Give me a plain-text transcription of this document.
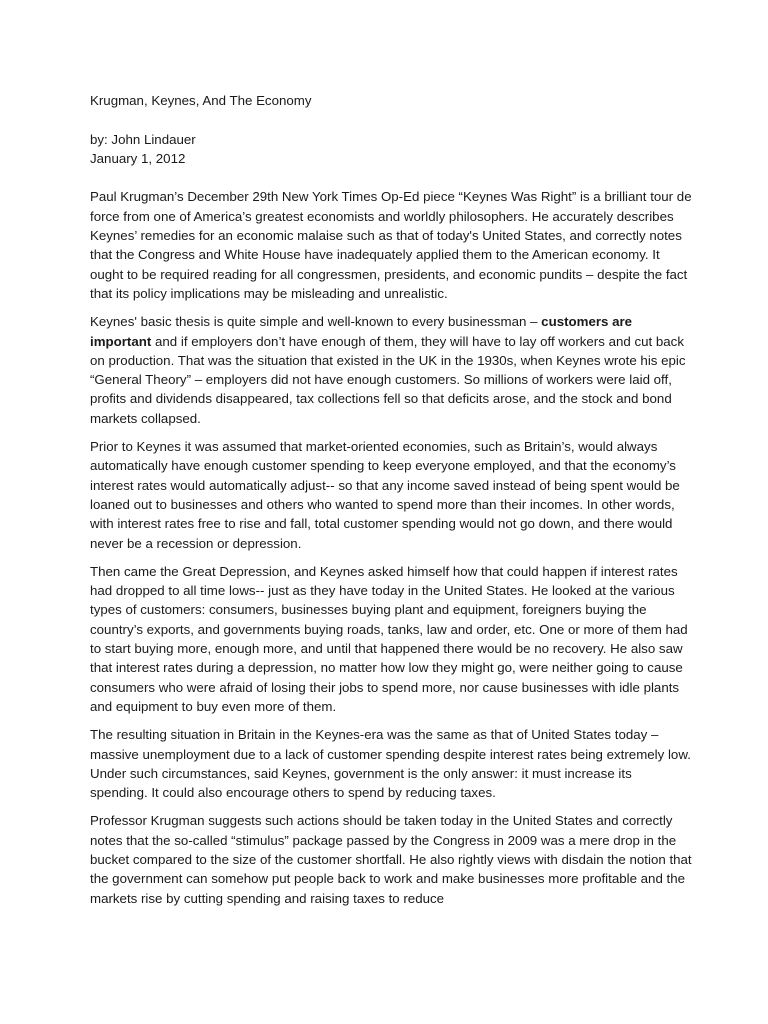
Krugman, Keynes, And The Economy

by: John Lindauer
January 1, 2012

Paul Krugman’s December 29th New York Times Op-Ed piece “Keynes Was Right” is a brilliant tour de force from one of America’s greatest economists and worldly philosophers. He accurately describes Keynes’ remedies for an economic malaise such as that of today's United States, and correctly notes that the Congress and White House have inadequately applied them to the American economy. It ought to be required reading for all congressmen, presidents, and economic pundits – despite the fact that its policy implications may be misleading and unrealistic.

Keynes' basic thesis is quite simple and well-known to every businessman – customers are important and if employers don’t have enough of them, they will have to lay off workers and cut back on production. That was the situation that existed in the UK in the 1930s, when Keynes wrote his epic “General Theory” – employers did not have enough customers. So millions of workers were laid off, profits and dividends disappeared, tax collections fell so that deficits arose, and the stock and bond markets collapsed.

Prior to Keynes it was assumed that market-oriented economies, such as Britain’s, would always automatically have enough customer spending to keep everyone employed, and that the economy’s interest rates would automatically adjust-- so that any income saved instead of being spent would be loaned out to businesses and others who wanted to spend more than their incomes. In other words, with interest rates free to rise and fall, total customer spending would not go down, and there would never be a recession or depression.

Then came the Great Depression, and Keynes asked himself how that could happen if interest rates had dropped to all time lows-- just as they have today in the United States. He looked at the various types of customers: consumers, businesses buying plant and equipment, foreigners buying the country’s exports, and governments buying roads, tanks, law and order, etc. One or more of them had to start buying more, enough more, and until that happened there would be no recovery. He also saw that interest rates during a depression, no matter how low they might go, were neither going to cause consumers who were afraid of losing their jobs to spend more, nor cause businesses with idle plants and equipment to buy even more of them.

The resulting situation in Britain in the Keynes-era was the same as that of United States today – massive unemployment due to a lack of customer spending despite interest rates being extremely low. Under such circumstances, said Keynes, government is the only answer: it must increase its spending. It could also encourage others to spend by reducing taxes.

Professor Krugman suggests such actions should be taken today in the United States and correctly notes that the so-called “stimulus” package passed by the Congress in 2009 was a mere drop in the bucket compared to the size of the customer shortfall. He also rightly views with disdain the notion that the government can somehow put people back to work and make businesses more profitable and the markets rise by cutting spending and raising taxes to reduce
